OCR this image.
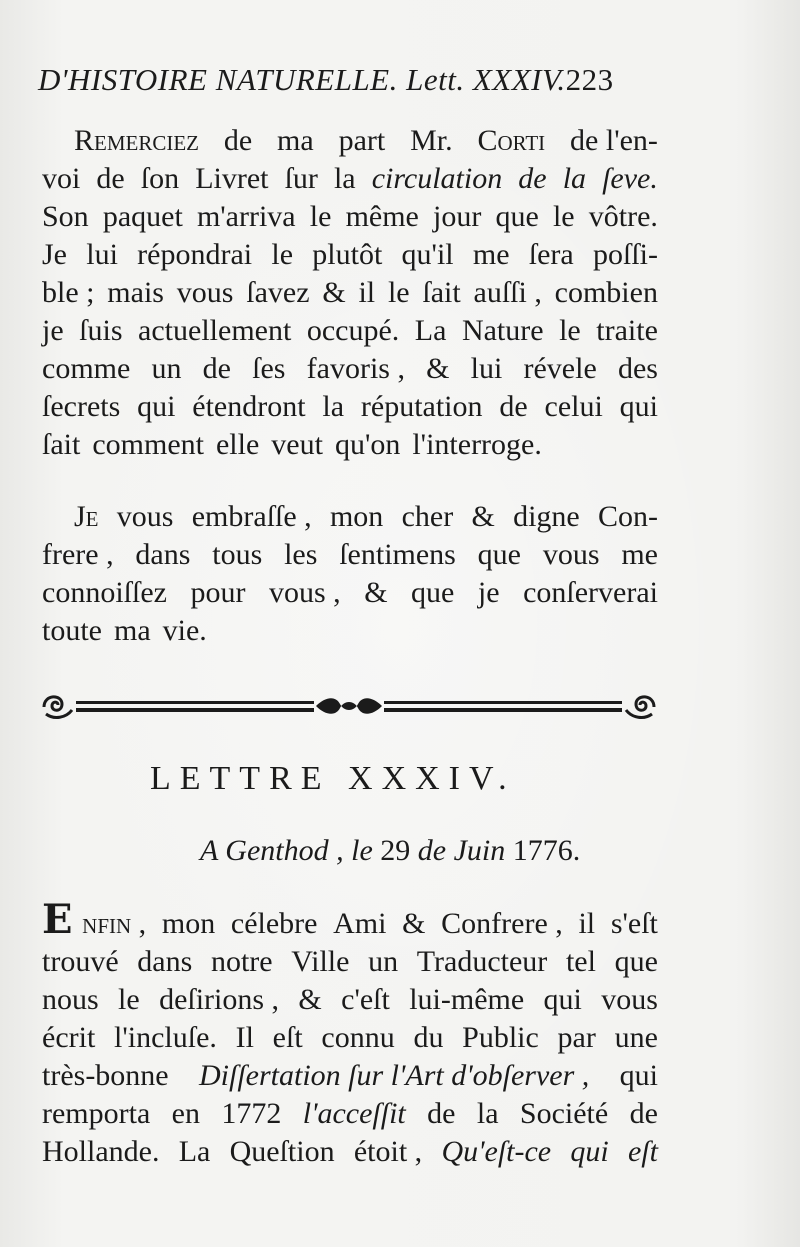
D'HISTOIRE NATURELLE. Lett. XXXIV.223
Remerciez de ma part Mr. Corti de l'en-
voi de ſon Livret ſur la circulation de la ſeve.
Son paquet m'arriva le même jour que le vôtre.
Je lui répondrai le plutôt qu'il me ſera poſſi-
ble ; mais vous ſavez & il le ſait auſſi , combien
je ſuis actuellement occupé. La Nature le traite
comme un de ſes favoris , & lui révele des
ſecrets qui étendront la réputation de celui qui
ſait comment elle veut qu'on l'interroge.
Je vous embraſſe , mon cher & digne Con-
frere , dans tous les ſentimens que vous me
connoiſſez pour vous , & que je conſerverai
toute ma vie.
LETTRE XXXIV.
A Genthod , le 29 de Juin 1776.
E nfin , mon célebre Ami & Confrere , il s'eſt
trouvé dans notre Ville un Traducteur tel que
nous le deſirions , & c'eſt lui-même qui vous
écrit l'incluſe. Il eſt connu du Public par une
très-bonne Diſſertation ſur l'Art d'obſerver , qui
remporta en 1772 l'acceſſit de la Société de
Hollande. La Queſtion étoit , Qu'eſt-ce qui eſt
